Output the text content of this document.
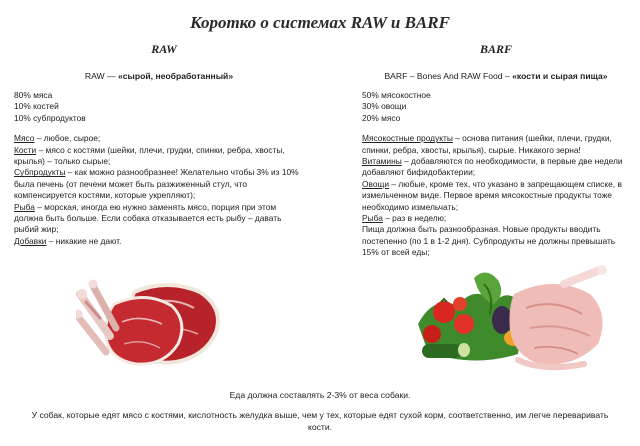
Коротко о системах RAW и BARF
RAW
RAW — «сырой, необработанный»
80% мяса
10% костей
10% субпродуктов
Мясо – любое, сырое;
Кости – мясо с костями (шейки, плечи, грудки, спинки, ребра, хвосты, крылья) – только сырые;
Субпродукты – как можно разнообразнее! Желательно чтобы 3% из 10% была печень (от печени может быть разжиженный стул, что компенсируется костями, которые укрепляют);
Рыба – морская, иногда ею нужно заменять мясо, порция при этом должна быть больше. Если собака отказывается есть рыбу – давать рыбий жир;
Добавки – никакие не дают.
BARF
BARF – Bones And RAW Food – «кости и сырая пища»
50% мясокостное
30% овощи
20% мясо
Мясокостные продукты – основа питания (шейки, плечи, грудки, спинки, ребра, хвосты, крылья), сырые. Никакого зерна!
Витамины – добавляются по необходимости, в первые две недели добавляют бифидобактерии;
Овощи – любые, кроме тех, что указано в запрещающем списке, в измельченном виде. Первое время мясокостные продукты тоже необходимо измельчать;
Рыба – раз в неделю;
Пища должна быть разнообразная. Новые продукты вводить постепенно (по 1 в 1-2 дня). Субпродукты не должны превышать 15% от всей еды;
Еда должна составлять 2-3% от веса собаки.
У собак, которые едят мясо с костями, кислотность желудка выше, чем у тех, которые едят сухой корм, соответственно, им легче переваривать кости.
